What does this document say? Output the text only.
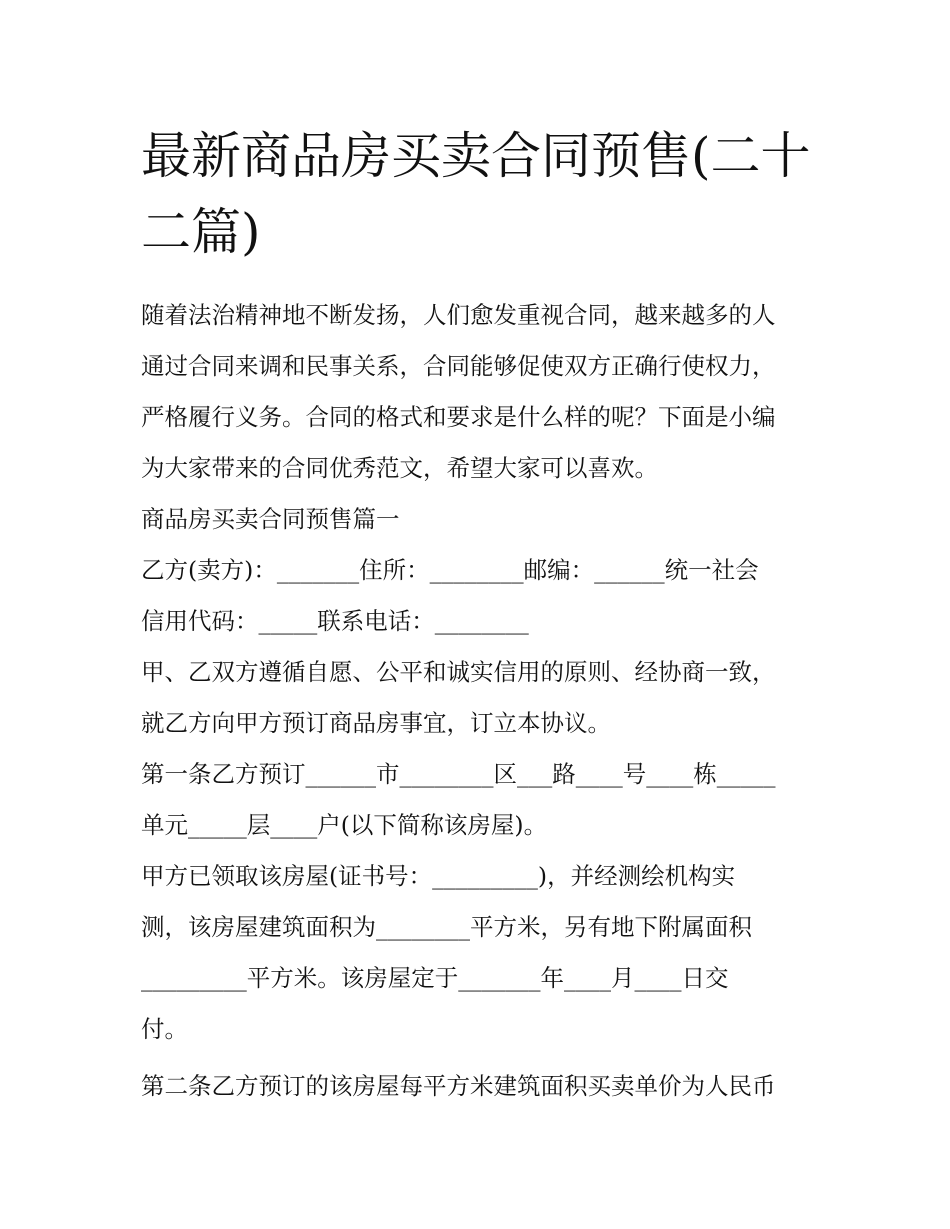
最新商品房买卖合同预售(二十

二篇)

随着法治精神地不断发扬，人们愈发重视合同，越来越多的人

通过合同来调和民事关系，合同能够促使双方正确行使权力，

严格履行义务。合同的格式和要求是什么样的呢？下面是小编

为大家带来的合同优秀范文，希望大家可以喜欢。

商品房买卖合同预售篇一

乙方(卖方)：_______住所：________邮编：______统一社会

信用代码：_____联系电话：________

甲、乙双方遵循自愿、公平和诚实信用的原则、经协商一致，

就乙方向甲方预订商品房事宜，订立本协议。

第一条乙方预订______市________区___路____号____栋_____

单元_____层____户(以下简称该房屋)。

甲方已领取该房屋(证书号：_________)，并经测绘机构实

测，该房屋建筑面积为________平方米，另有地下附属面积

_________平方米。该房屋定于_______年____月____日交

付。

第二条乙方预订的该房屋每平方米建筑面积买卖单价为人民币
